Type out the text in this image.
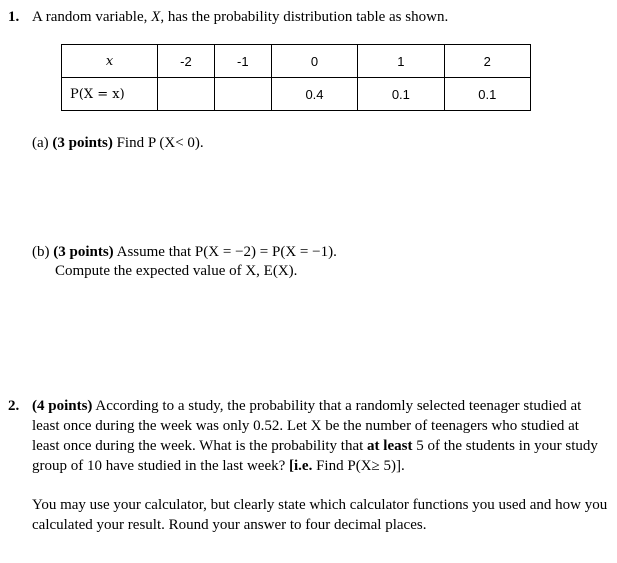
1. A random variable, X, has the probability distribution table as shown.
x	-2	-1	0	1	2
P(X = x)			0.4	0.1	0.1
(a) (3 points) Find P (X< 0).
(b) (3 points) Assume that P(X = −2) = P(X = −1).
Compute the expected value of X, E(X).
2. (4 points) According to a study, the probability that a randomly selected teenager studied at least once during the week was only 0.52. Let X be the number of teenagers who studied at least once during the week. What is the probability that at least 5 of the students in your study group of 10 have studied in the last week? [i.e. Find P(X≥ 5)].
You may use your calculator, but clearly state which calculator functions you used and how you calculated your result. Round your answer to four decimal places.
